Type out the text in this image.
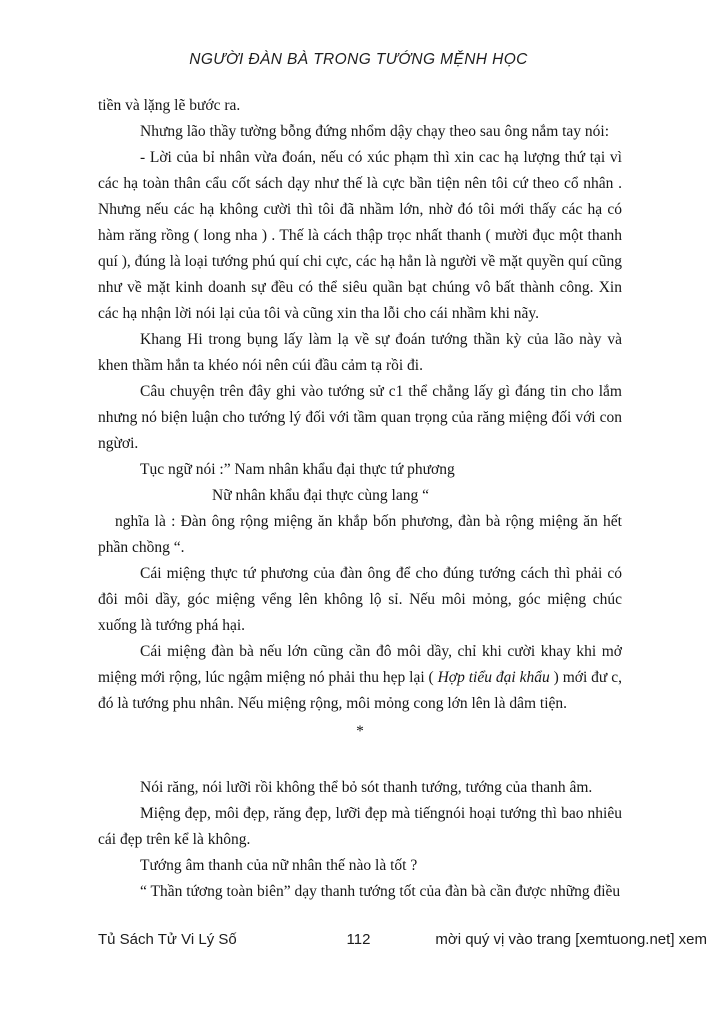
NGƯỜI ĐÀN BÀ TRONG TƯỚNG MỆNH HỌC

tiền và lặng lẽ bước ra.

Nhưng lão thầy tường bỗng đứng nhổm dậy chạy theo sau ông nắm tay nói:

- Lời của bỉ nhân vừa đoán, nếu có xúc phạm thì xin cac hạ lượng thứ tại vì các hạ toàn thân cẩu cốt sách dạy như thế là cực bần tiện nên tôi cứ theo cổ nhân . Nhưng nếu các hạ không cười thì tôi đã nhầm lớn, nhờ đó tôi mới thấy các hạ có hàm răng rồng ( long nha ) . Thế là cách thập trọc nhất thanh ( mười đục một thanh quí ), đúng là loại tướng phú quí chi cực, các hạ hẳn là người về mặt quyền quí cũng như về mặt kinh doanh sự đều có thể siêu quần bạt chúng vô bất thành công. Xin các hạ nhận lời nói lại của tôi và cũng xin tha lỗi cho cái nhầm khi nãy.

Khang Hi trong bụng lấy làm lạ về sự đoán tướng thần kỳ của lão này và khen thầm hắn ta khéo nói nên cúi đầu cảm tạ rồi đi.

Câu chuyện trên đây ghi vào tướng sử c1 thể chẳng lấy gì đáng tin cho lắm nhưng nó biện luận cho tướng lý đối với tầm quan trọng của răng miệng đối với con ngừơi.

Tục ngữ nói :” Nam nhân khẩu đại thực tứ phương

Nữ nhân khẩu đại thực cùng lang “

nghĩa là : Đàn ông rộng miệng ăn khắp bốn phương, đàn bà rộng miệng ăn hết phần chồng “.

Cái miệng thực tứ phương của đàn ông để cho đúng tướng cách thì phải có đôi môi dầy, góc miệng vểng lên không lộ sỉ. Nếu môi mỏng, góc miệng chúc xuống là tướng phá hại.

Cái miệng đàn bà nếu lớn cũng cần đô môi dầy, chỉ khi cười khay khi mở miệng mới rộng, lúc ngậm miệng nó phải thu hẹp lại ( Hợp tiểu đại khẩu ) mới đư c, đó là tướng phu nhân. Nếu miệng rộng, môi mỏng cong lớn lên là dâm tiện.

*

Nói răng, nói lưỡi rồi không thể bỏ sót thanh tướng, tướng của thanh âm.

Miệng đẹp, môi đẹp, răng đẹp, lưỡi đẹp mà tiếngnói hoại tướng thì bao nhiêu cái đẹp trên kể là không.

Tướng âm thanh của nữ nhân thế nào là tốt ?

“ Thần tứơng toàn biên” dạy thanh tướng tốt của đàn bà cần được những điều

Tủ Sách Tử Vi Lý Số	112	mời quý vị vào trang [xemtuong.net] xem
